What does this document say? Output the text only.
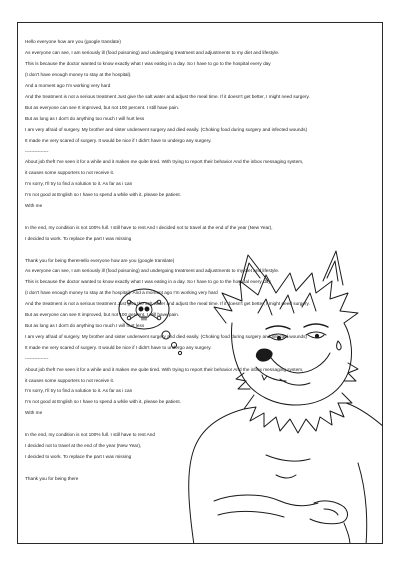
Hello everyone how are you (google translate)

As everyone can see, I am seriously ill (food poisoning) and undergoing treatment and adjustments to my diet and lifestyle.

This is because the doctor wanted to know exactly what I was eating in a day. So I have to go to the hospital every day

(I don't have enough money to stay at the hospital).

And a moment ago I'm working very hard

And the treatment is not a serious treatment Just give the salt water and adjust the meal time. If it doesn't get better, I might need surgery.

But as everyone can see It improved, but not 100 percent. I still have pain.

But as long as I don't do anything too much I will hurt less

I am very afraid of surgery. My brother and sister underwent surgery and died easily. (Choking food during surgery and infected wounds)

It made me very scared of surgery. It would be nice if I didn't have to undergo any surgery.

---------------

About job theft I've seen it for a while and it makes me quite tired. With trying to report their behavior And the inbox messaging system,

it causes some supporters to not receive it.

I'm sorry, I'll try to find a solution to it. As far as i can

I'm not good at English so I have to spend a while with it, please be patient.

With me

In the end, my condition is not 100% full. I still have to rest And I decided not to travel at the end of the year (New Year),

I decided to work. To replace the part I was missing

Thank you for being thereHello everyone how are you (google translate)

As everyone can see, I am seriously ill (food poisoning) and undergoing treatment and adjustments to my diet and lifestyle.

This is because the doctor wanted to know exactly what I was eating in a day. So I have to go to the hospital every day

(I don't have enough money to stay at the hospital). And a moment ago I'm working very hard

And the treatment is not a serious treatment Just give the salt water and adjust the meal time. If it doesn't get better, I might need surgery.

But as everyone can see It improved, but not 100 percent. I still have pain.

But as long as I don't do anything too much I will hurt less

I am very afraid of surgery. My brother and sister underwent surgery and died easily. (Choking food during surgery and infected wounds)

It made me very scared of surgery. It would be nice if I didn't have to undergo any surgery.

---------------

About job theft I've seen it for a while and it makes me quite tired. With trying to report their behavior And the inbox messaging system,

it causes some supporters to not receive it.

I'm sorry, I'll try to find a solution to it. As far as i can

I'm not good at English so I have to spend a while with it, please be patient.

With me

In the end, my condition is not 100% full. I still have to rest And

I decided not to travel at the end of the year (New Year),

I decided to work. To replace the part I was missing

Thank you for being there
